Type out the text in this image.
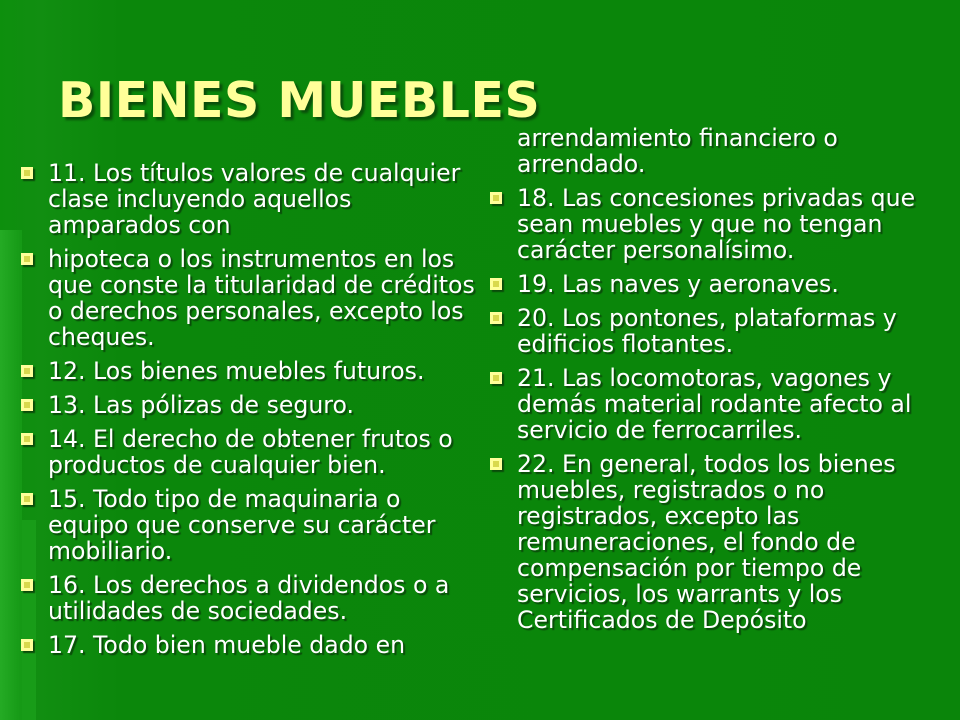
BIENES MUEBLES
11. Los títulos valores de cualquier clase incluyendo aquellos amparados con
hipoteca o los instrumentos en los que conste la titularidad de créditos o derechos personales, excepto los cheques.
12. Los bienes muebles futuros.
13. Las pólizas de seguro.
14. El derecho de obtener frutos o productos de cualquier bien.
15. Todo tipo de maquinaria o equipo que conserve su carácter mobiliario.
16. Los derechos a dividendos o a utilidades de sociedades.
17. Todo bien mueble dado en
arrendamiento financiero o arrendado.
18. Las concesiones privadas que sean muebles y que no tengan carácter personalísimo.
19. Las naves y aeronaves.
20. Los pontones, plataformas y edificios flotantes.
21. Las locomotoras, vagones y demás material rodante afecto al servicio de ferrocarriles.
22. En general, todos los bienes muebles, registrados o no registrados, excepto las remuneraciones, el fondo de compensación por tiempo de servicios, los warrants y los Certificados de Depósito
